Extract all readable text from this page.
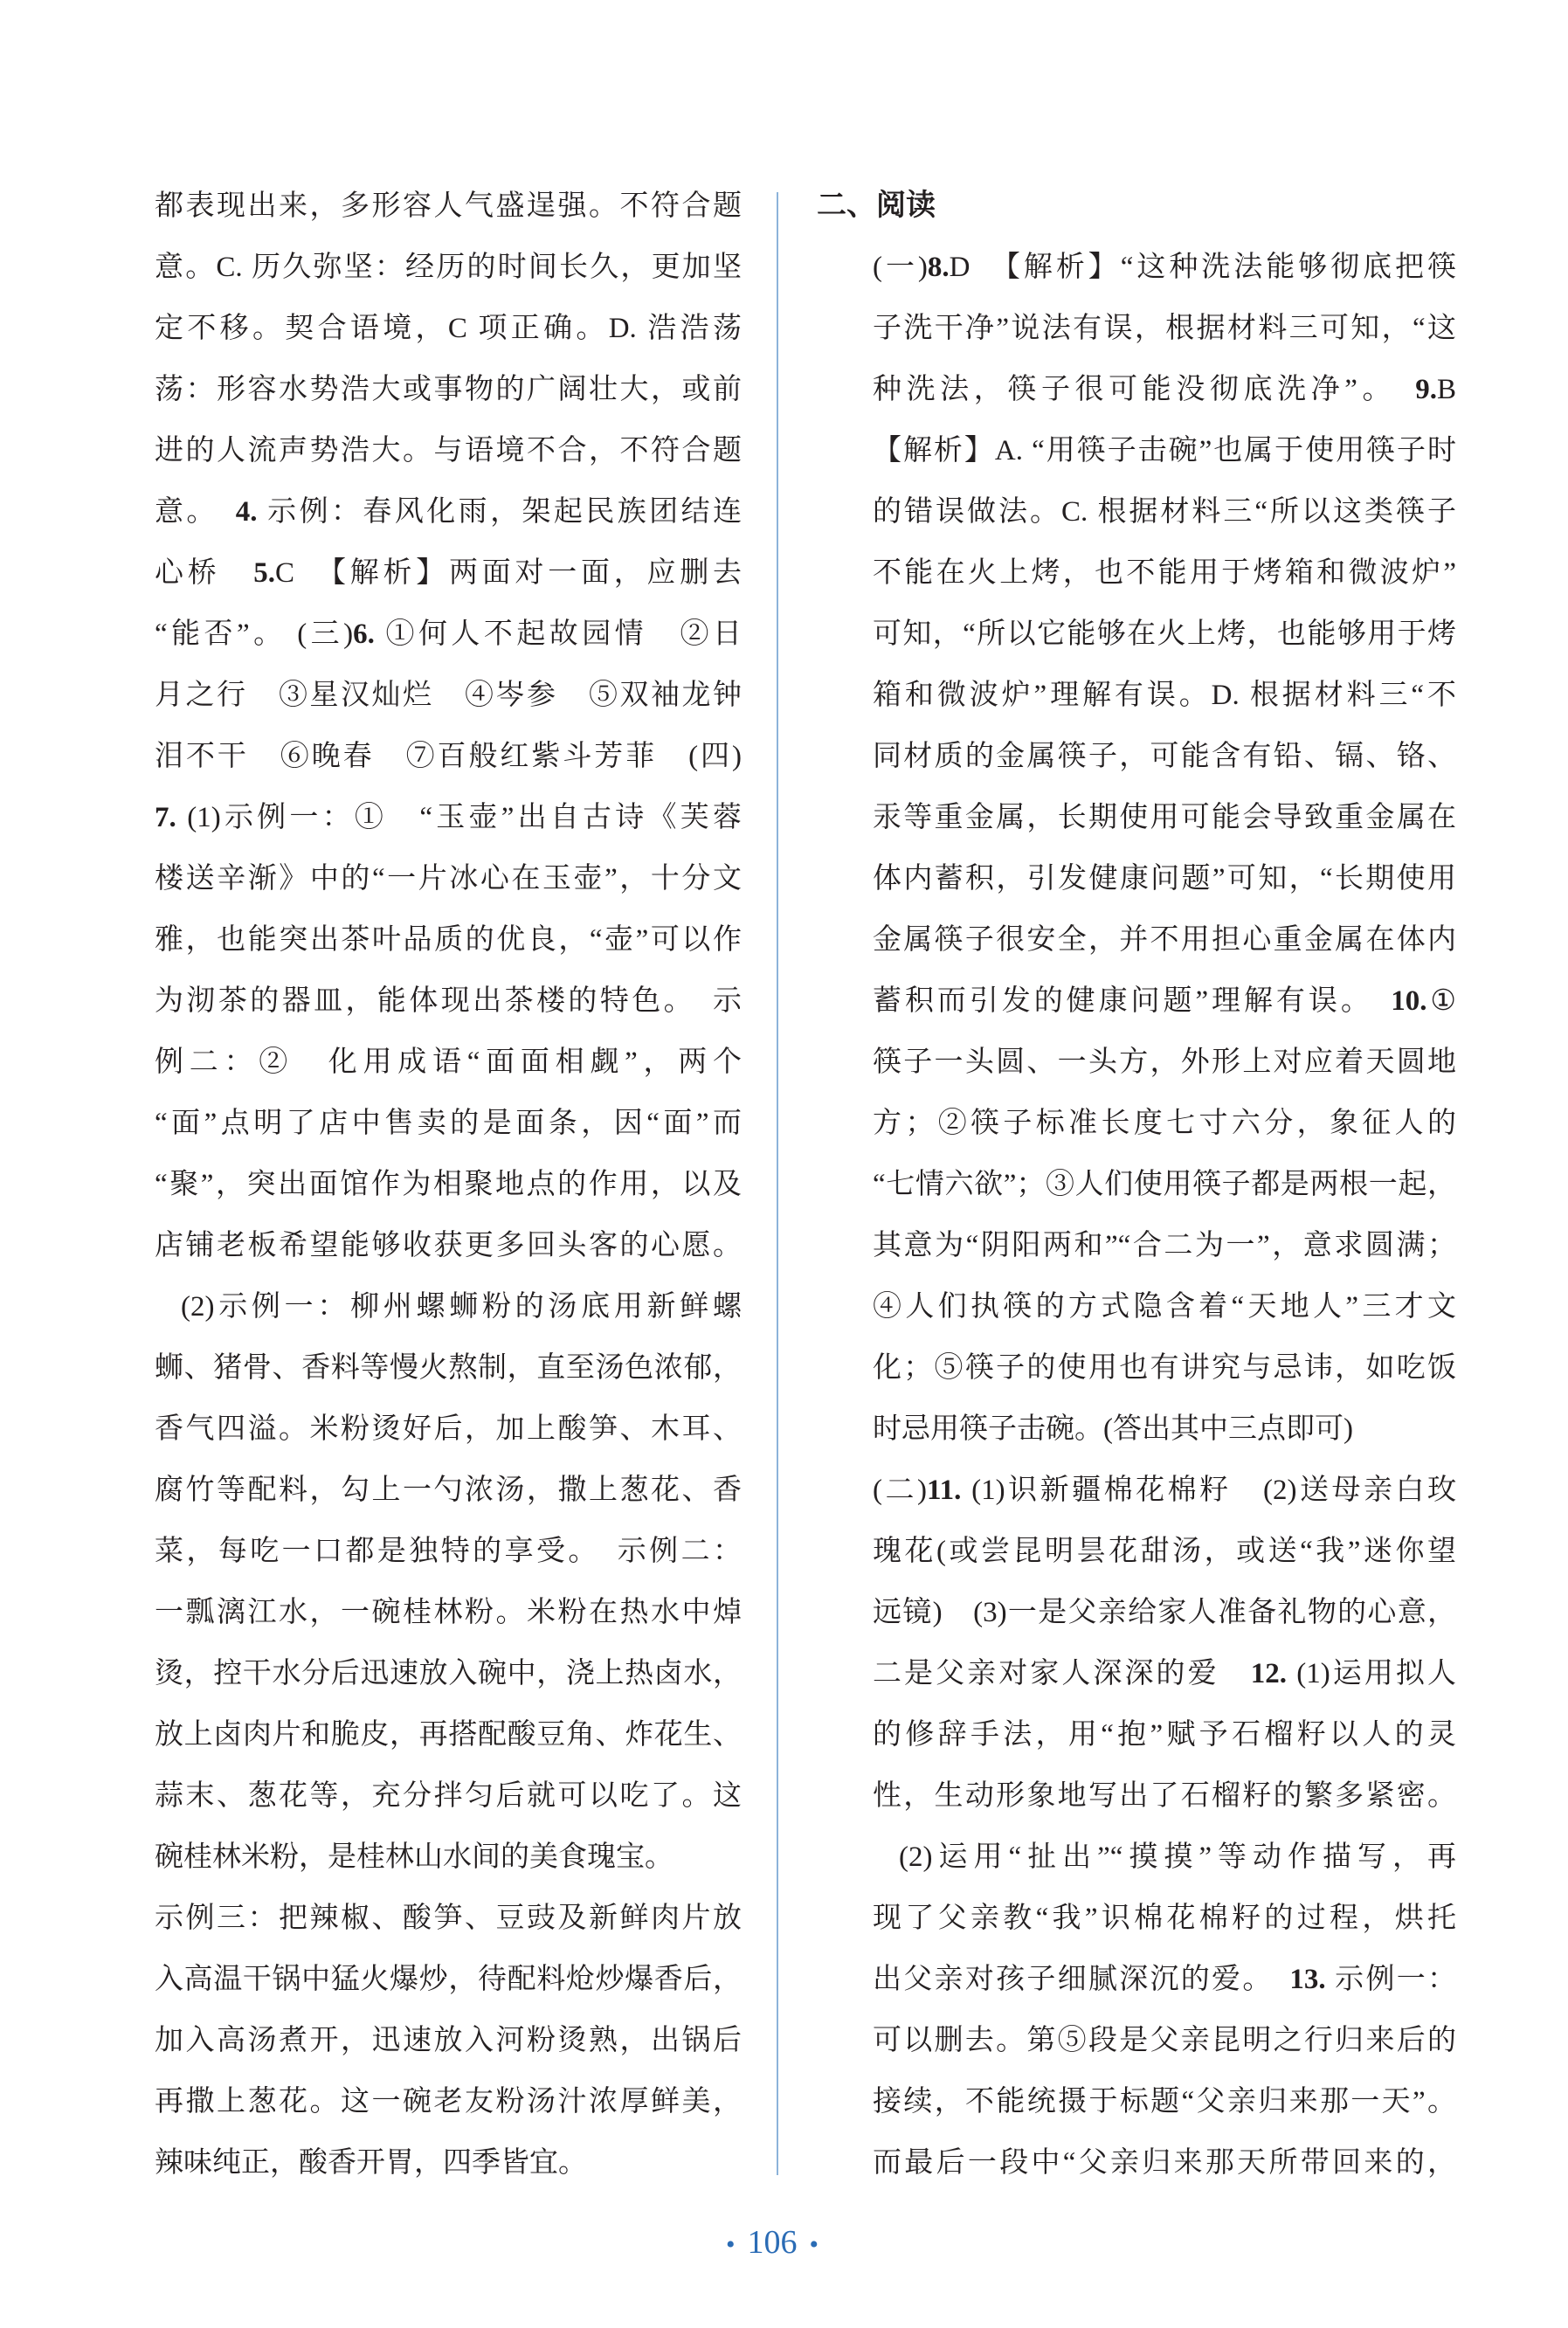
都表现出来，多形容人气盛逞强。不符合题
意。C. 历久弥坚：经历的时间长久，更加坚
定不移。契合语境，C 项正确。D. 浩浩荡
荡：形容水势浩大或事物的广阔壮大，或前
进的人流声势浩大。与语境不合，不符合题
意。　4. 示例：春风化雨，架起民族团结连
心桥　5.C　【解析】两面对一面，应删去
“能否”。 (三)6. ①何人不起故园情　②日
月之行　③星汉灿烂　④岑参　⑤双袖龙钟
泪不干　⑥晚春　⑦百般红紫斗芳菲　(四)
7. (1)示例一：①　“玉壶”出自古诗《芙蓉
楼送辛渐》中的“一片冰心在玉壶”，十分文
雅，也能突出茶叶品质的优良，“壶”可以作
为沏茶的器皿，能体现出茶楼的特色。　示
例二：②　化用成语“面面相觑”，两个
“面”点明了店中售卖的是面条，因“面”而
“聚”，突出面馆作为相聚地点的作用，以及
店铺老板希望能够收获更多回头客的心愿。
(2)示例一：柳州螺蛳粉的汤底用新鲜螺
蛳、猪骨、香料等慢火熬制，直至汤色浓郁，
香气四溢。米粉烫好后，加上酸笋、木耳、
腐竹等配料，勾上一勺浓汤，撒上葱花、香
菜，每吃一口都是独特的享受。　示例二：
一瓢漓江水，一碗桂林粉。米粉在热水中焯
烫，控干水分后迅速放入碗中，浇上热卤水，
放上卤肉片和脆皮，再搭配酸豆角、炸花生、
蒜末、葱花等，充分拌匀后就可以吃了。这
碗桂林米粉，是桂林山水间的美食瑰宝。
示例三：把辣椒、酸笋、豆豉及新鲜肉片放
入高温干锅中猛火爆炒，待配料炝炒爆香后，
加入高汤煮开，迅速放入河粉烫熟，出锅后
再撒上葱花。这一碗老友粉汤汁浓厚鲜美，
辣味纯正，酸香开胃，四季皆宜。
二、阅读
(一)8.D　【解析】“这种洗法能够彻底把筷
子洗干净”说法有误，根据材料三可知，“这
种洗法，筷子很可能没彻底洗净”。　9.B
【解析】A. “用筷子击碗”也属于使用筷子时
的错误做法。C. 根据材料三“所以这类筷子
不能在火上烤，也不能用于烤箱和微波炉”
可知，“所以它能够在火上烤，也能够用于烤
箱和微波炉”理解有误。D. 根据材料三“不
同材质的金属筷子，可能含有铅、镉、铬、
汞等重金属，长期使用可能会导致重金属在
体内蓄积，引发健康问题”可知，“长期使用
金属筷子很安全，并不用担心重金属在体内
蓄积而引发的健康问题”理解有误。　10.①
筷子一头圆、一头方，外形上对应着天圆地
方；②筷子标准长度七寸六分，象征人的
“七情六欲”；③人们使用筷子都是两根一起，
其意为“阴阳两和”“合二为一”，意求圆满；
④人们执筷的方式隐含着“天地人”三才文
化；⑤筷子的使用也有讲究与忌讳，如吃饭
时忌用筷子击碗。(答出其中三点即可)
(二)11. (1)识新疆棉花棉籽　(2)送母亲白玫
瑰花(或尝昆明昙花甜汤，或送“我”迷你望
远镜)　(3)一是父亲给家人准备礼物的心意，
二是父亲对家人深深的爱　12. (1)运用拟人
的修辞手法，用“抱”赋予石榴籽以人的灵
性，生动形象地写出了石榴籽的繁多紧密。
(2)运用“扯出”“摸摸”等动作描写，再
现了父亲教“我”识棉花棉籽的过程，烘托
出父亲对孩子细腻深沉的爱。　13. 示例一：
可以删去。第⑤段是父亲昆明之行归来后的
接续，不能统摄于标题“父亲归来那一天”。
而最后一段中“父亲归来那天所带回来的，
• 106 •
